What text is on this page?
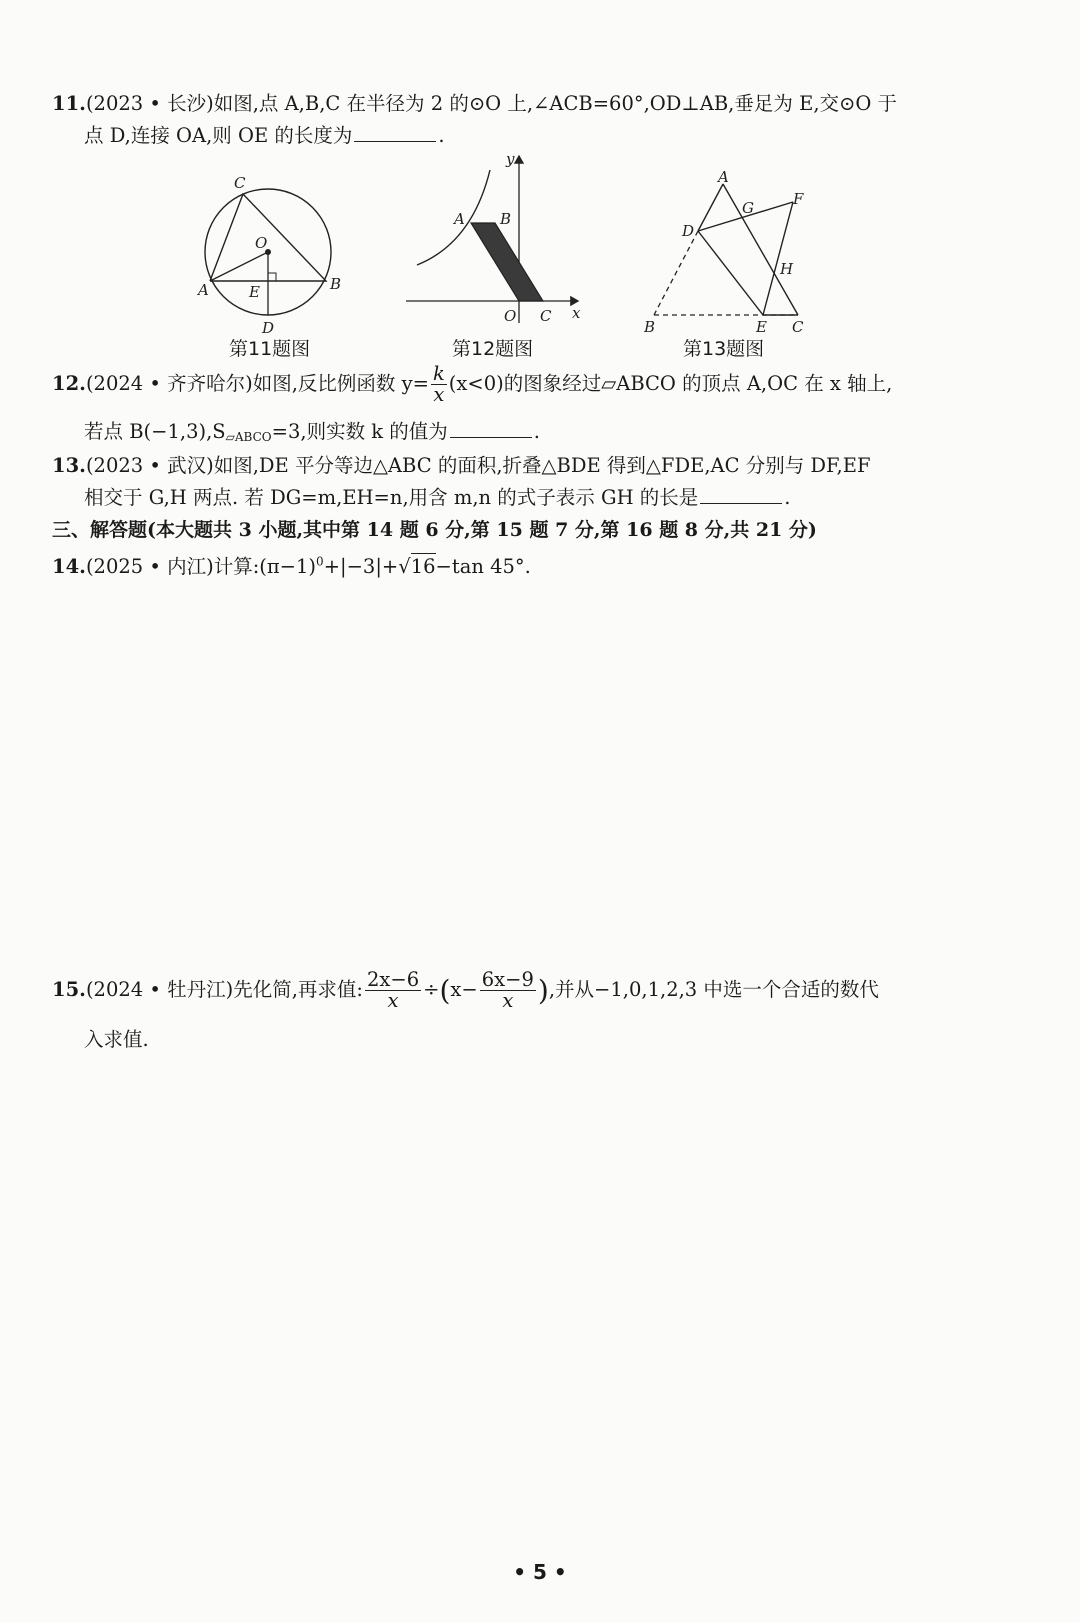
11.(2023 • 长沙)如图,点 A,B,C 在半径为 2 的⊙O 上,∠ACB=60°,OD⊥AB,垂足为 E,交⊙O 于
点 D,连接 OA,则 OE 的长度为	.
C
O
A	B
E
D
第11题图
A B
O C x
y
第12题图
A
G	F
D
H
B	E C
第13题图
12.(2024 • 齐齐哈尔)如图,反比例函数 $y= \frac{k}{x} (x<0)$的图象经过▱ABCO 的顶点 A,OC 在 x 轴上,
若点 $B(-1,3),S_{▱ABCO}=3$,则实数 k 的值为	.
13.(2023 • 武汉)如图,DE 平分等边△ABC 的面积,折叠△BDE 得到△FDE,AC 分别与 DF,EF
相交于 G,H 两点. 若 DG=m,EH=n,用含 m,n 的式子表示 GH 的长是	.
三、解答题(本大题共 3 小题,其中第 14 题 6 分,第 15 题 7 分,第 16 题 8 分,共 21 分)
14.(2025 • 内江)计算$:(\pi-1)^0+|-3|+√16-\tan$ 45°.
15.(2024 • 牡丹江)先化简,再求值: $\frac{2x-6}{x} \div(x- \frac{6x-9}{x}$ ),并从−1,0,1,2,3 中选一个合适的数代
入求值.
• 5 •
